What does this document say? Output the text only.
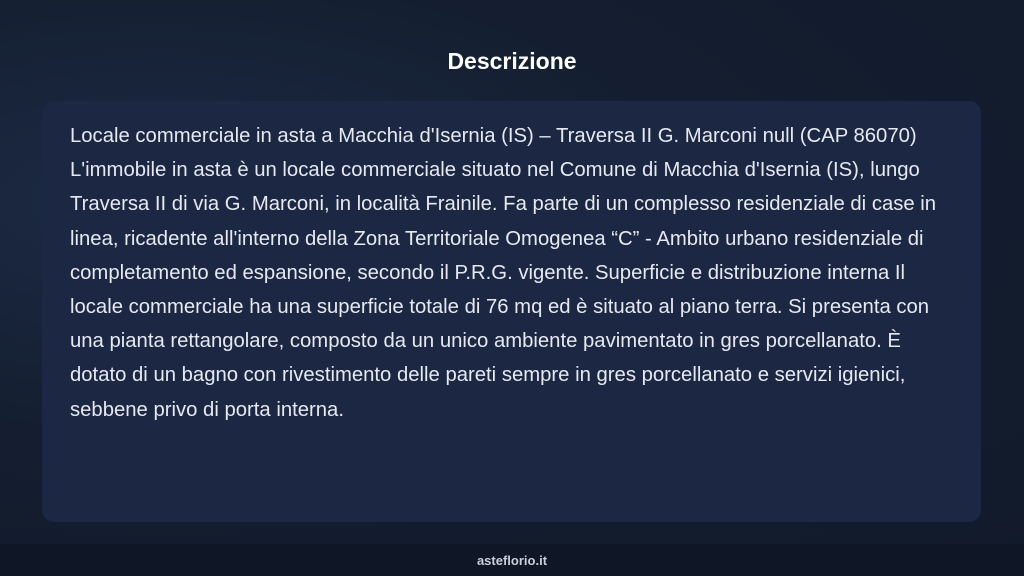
Descrizione

Locale commerciale in asta a Macchia d'Isernia (IS) – Traversa II G. Marconi null (CAP 86070) L'immobile in asta è un locale commerciale situato nel Comune di Macchia d'Isernia (IS), lungo Traversa II di via G. Marconi, in località Frainile. Fa parte di un complesso residenziale di case in linea, ricadente all'interno della Zona Territoriale Omogenea “C” - Ambito urbano residenziale di completamento ed espansione, secondo il P.R.G. vigente. Superficie e distribuzione interna Il locale commerciale ha una superficie totale di 76 mq ed è situato al piano terra. Si presenta con una pianta rettangolare, composto da un unico ambiente pavimentato in gres porcellanato. È dotato di un bagno con rivestimento delle pareti sempre in gres porcellanato e servizi igienici, sebbene privo di porta interna.

asteflorio.it
